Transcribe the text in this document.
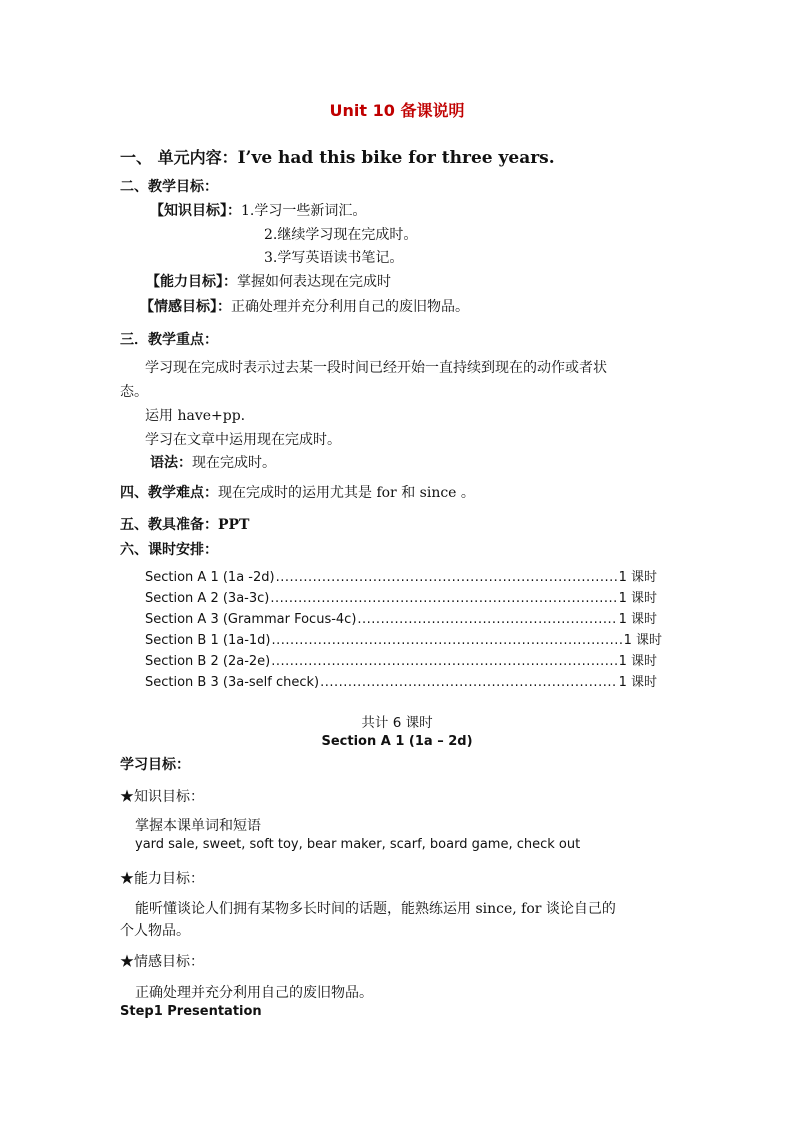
Unit 10 备课说明
一、 单元内容：I’ve had this bike for three years.
二、教学目标：
【知识目标】：1.学习一些新词汇。
2.继续学习现在完成时。
3.学写英语读书笔记。
【能力目标】：掌握如何表达现在完成时
【情感目标】：正确处理并充分利用自己的废旧物品。
三．教学重点：
学习现在完成时表示过去某一段时间已经开始一直持续到现在的动作或者状
态。
运用 have+pp.
学习在文章中运用现在完成时。
语法：现在完成时。
四、教学难点：现在完成时的运用尤其是 for 和 since 。
五、教具准备：PPT
六、课时安排：
Section A 1 (1a -2d) .....	1 课时
Section A 2 (3a-3c) .....	1 课时
Section A 3 (Grammar Focus-4c) .....	1 课时
Section B 1 (1a-1d) .....	1 课时
Section B 2 (2a-2e) .....	1 课时
Section B 3 (3a-self check) .....	1 课时
共计 6 课时
Section A 1 (1a – 2d)
学习目标：
★知识目标：
掌握本课单词和短语
yard sale, sweet, soft toy, bear maker, scarf, board game, check out
★能力目标：
能听懂谈论人们拥有某物多长时间的话题，能熟练运用 since, for 谈论自己的
个人物品。
★情感目标：
正确处理并充分利用自己的废旧物品。
Step1 Presentation
